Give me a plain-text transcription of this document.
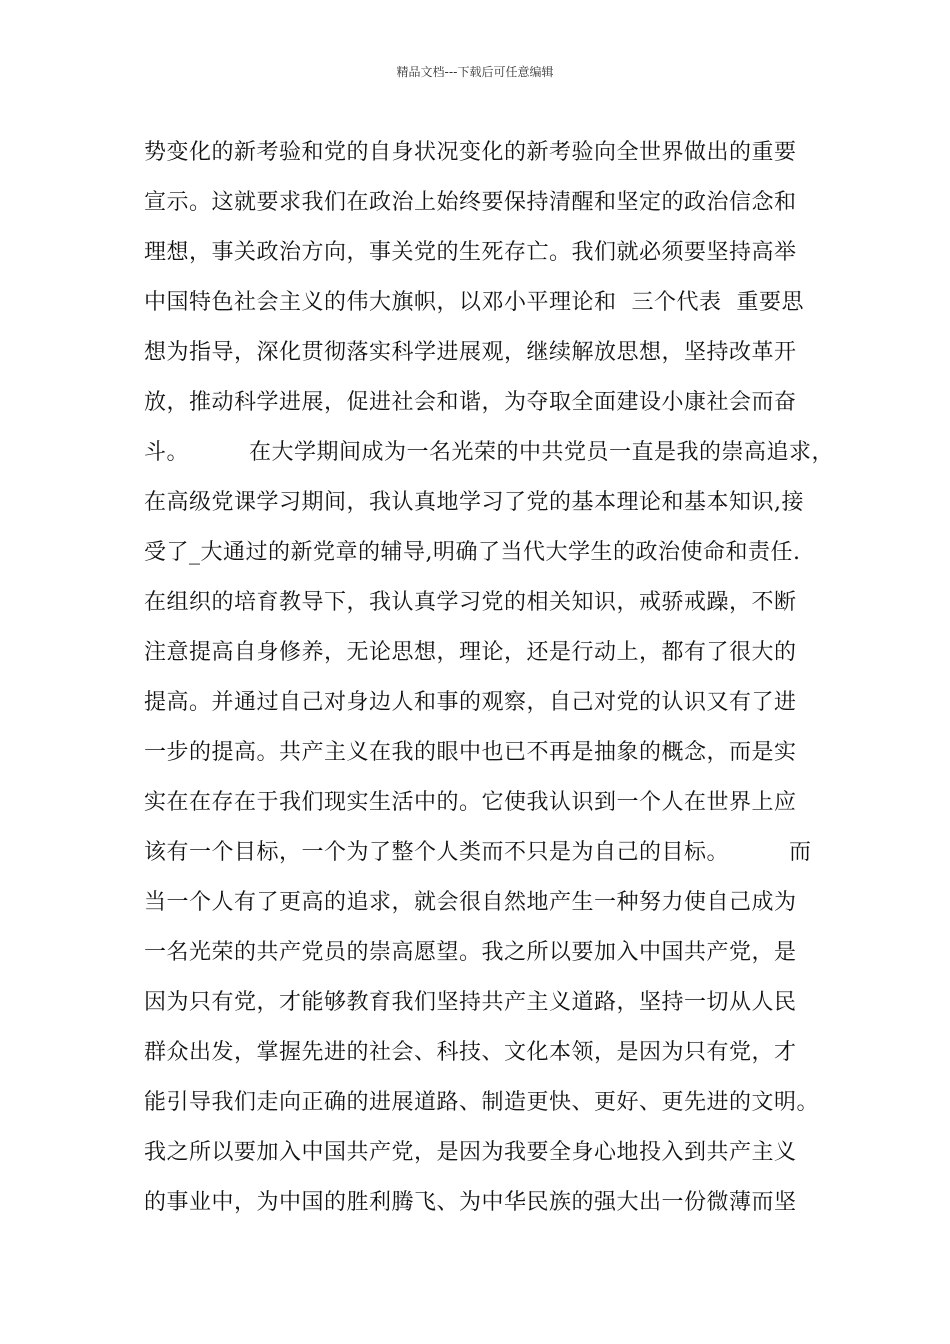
精品文档---下载后可任意编辑
势变化的新考验和党的自身状况变化的新考验向全世界做出的重要
宣示。这就要求我们在政治上始终要保持清醒和坚定的政治信念和
理想，事关政治方向，事关党的生死存亡。我们就必须要坚持高举
中国特色社会主义的伟大旗帜，以邓小平理论和  三个代表  重要思
想为指导，深化贯彻落实科学进展观，继续解放思想，坚持改革开
放，推动科学进展，促进社会和谐，为夺取全面建设小康社会而奋
斗。        在大学期间成为一名光荣的中共党员一直是我的崇高追求，
在高级党课学习期间，我认真地学习了党的基本理论和基本知识,接
受了_大通过的新党章的辅导,明确了当代大学生的政治使命和责任.
在组织的培育教导下，我认真学习党的相关知识，戒骄戒躁，不断
注意提高自身修养，无论思想，理论，还是行动上，都有了很大的
提高。并通过自己对身边人和事的观察，自己对党的认识又有了进
一步的提高。共产主义在我的眼中也已不再是抽象的概念，而是实
实在在存在于我们现实生活中的。它使我认识到一个人在世界上应
该有一个目标，一个为了整个人类而不只是为自己的目标。        而
当一个人有了更高的追求，就会很自然地产生一种努力使自己成为
一名光荣的共产党员的崇高愿望。我之所以要加入中国共产党，是
因为只有党，才能够教育我们坚持共产主义道路，坚持一切从人民
群众出发，掌握先进的社会、科技、文化本领，是因为只有党，才
能引导我们走向正确的进展道路、制造更快、更好、更先进的文明。
我之所以要加入中国共产党，是因为我要全身心地投入到共产主义
的事业中，为中国的胜利腾飞、为中华民族的强大出一份微薄而坚
